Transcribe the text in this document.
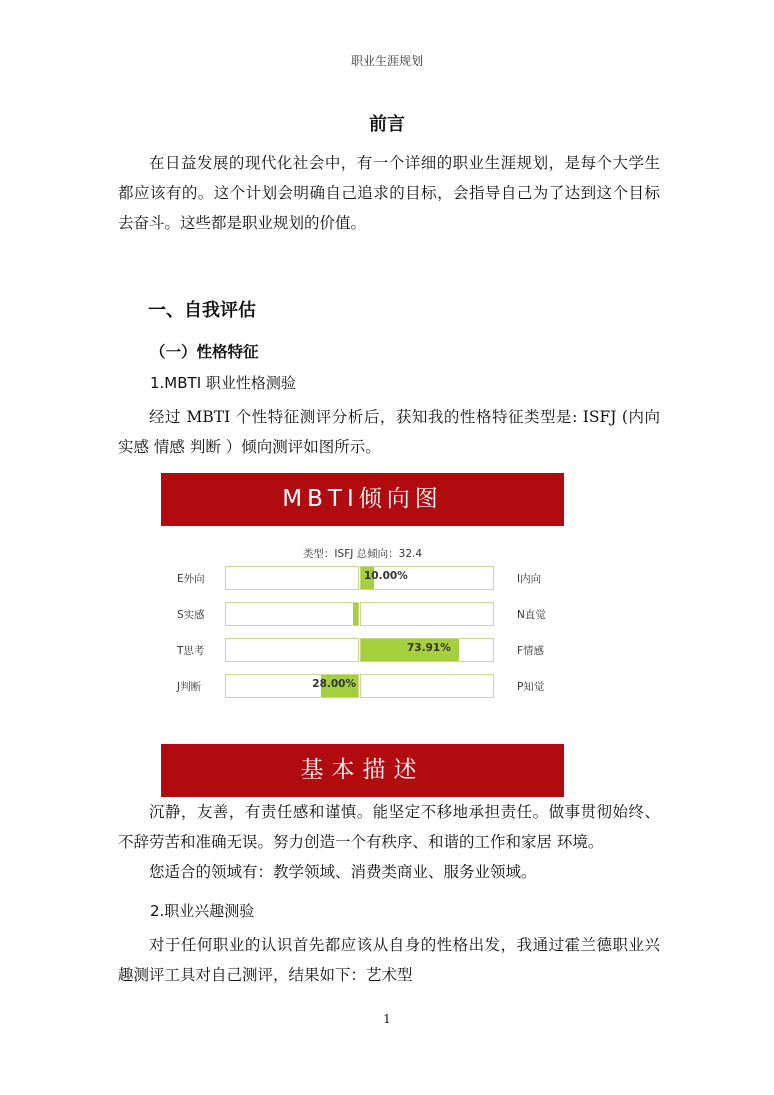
职业生涯规划
前言

在日益发展的现代化社会中，有一个详细的职业生涯规划，是每个大学生都应该有的。这个计划会明确自己追求的目标，会指导自己为了达到这个目标去奋斗。这些都是职业规划的价值。

一、自我评估
（一）性格特征
1.MBTI 职业性格测验

经过 MBTI 个性特征测评分析后，获知我的性格特征类型是: ISFJ (内向 实感 情感 判断 ）倾向测评如图所示。

MBTI倾向图
类型：ISFJ 总倾向：32.4
E外向	10.00%	I内向
S实感	N直觉
T思考	73.91%	F情感
J判断	28.00%	P知觉
基本描述

沉静，友善，有责任感和谨慎。能坚定不移地承担责任。做事贯彻始终、不辞劳苦和准确无误。努力创造一个有秩序、和谐的工作和家居 环境。

您适合的领域有：教学领域、消费类商业、服务业领域。

2.职业兴趣测验

对于任何职业的认识首先都应该从自身的性格出发，我通过霍兰德职业兴趣测评工具对自己测评，结果如下：艺术型

1
